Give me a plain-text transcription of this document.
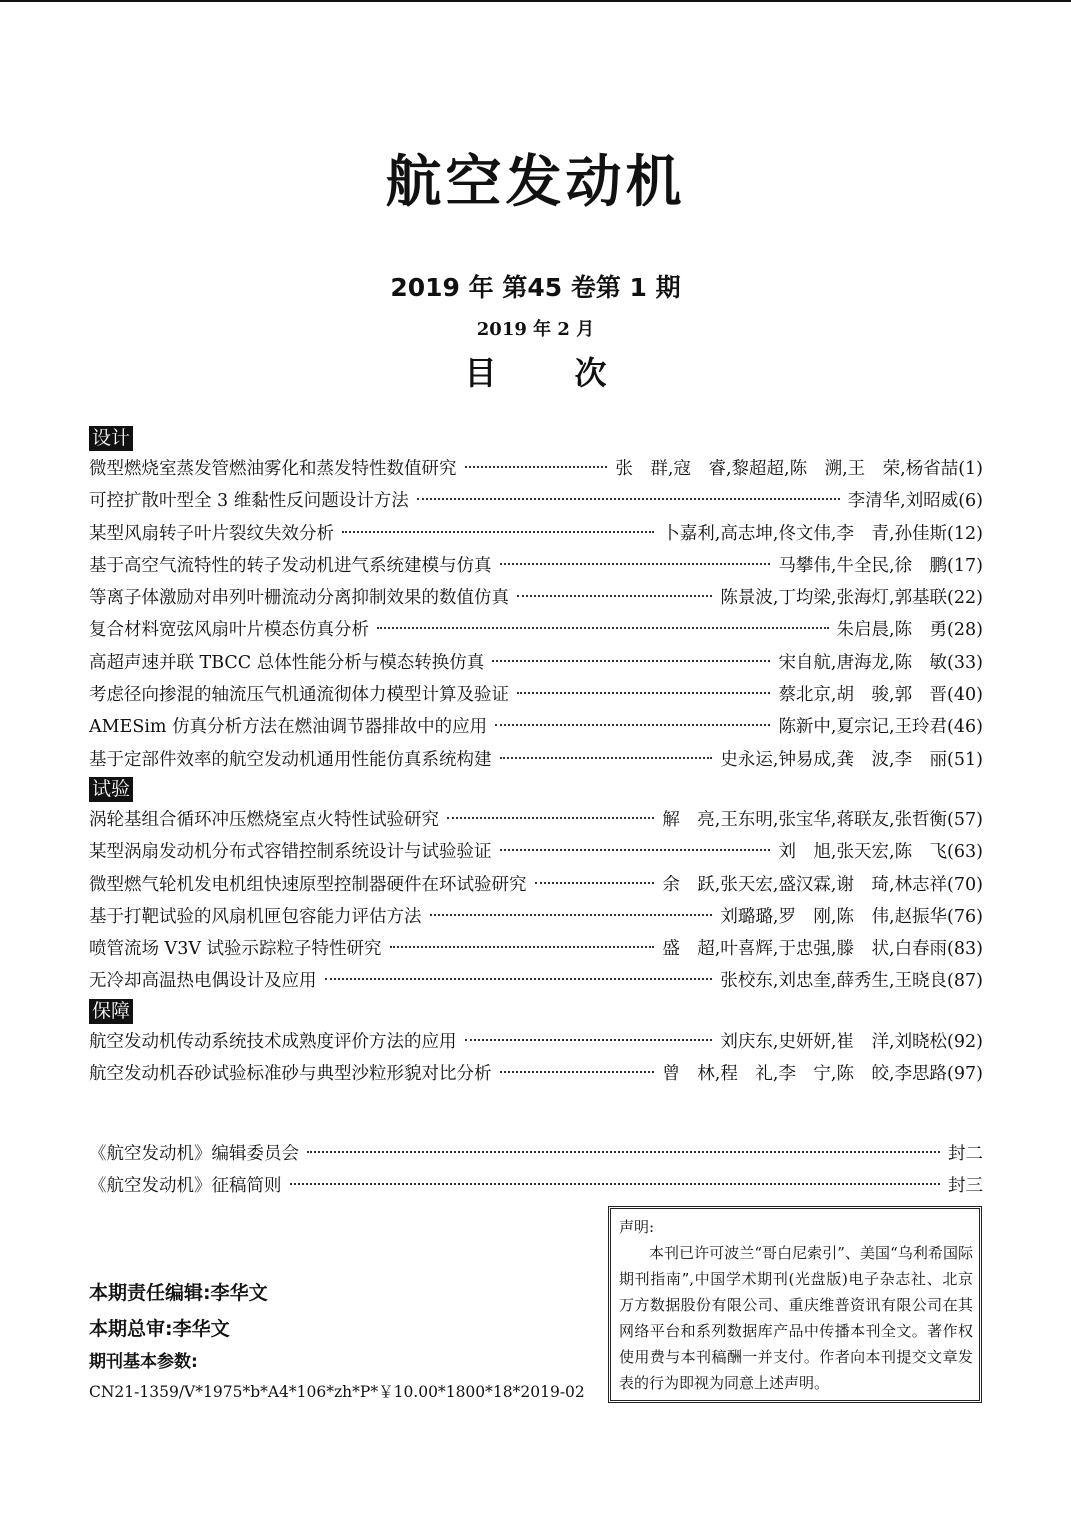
航空发动机
2019 年 第45 卷第 1 期
2019 年 2 月
目次
设计
微型燃烧室蒸发管燃油雾化和蒸发特性数值研究	张　群,寇　睿,黎超超,陈　溯,王　荣,杨省喆(1)
可控扩散叶型全 3 维黏性反问题设计方法	李清华,刘昭威(6)
某型风扇转子叶片裂纹失效分析	卜嘉利,高志坤,佟文伟,李　青,孙佳斯(12)
基于高空气流特性的转子发动机进气系统建模与仿真	马攀伟,牛全民,徐　鹏(17)
等离子体激励对串列叶栅流动分离抑制效果的数值仿真	陈景波,丁均梁,张海灯,郭基联(22)
复合材料宽弦风扇叶片模态仿真分析	朱启晨,陈　勇(28)
高超声速并联 TBCC 总体性能分析与模态转换仿真	宋自航,唐海龙,陈　敏(33)
考虑径向掺混的轴流压气机通流彻体力模型计算及验证	蔡北京,胡　骏,郭　晋(40)
AMESim 仿真分析方法在燃油调节器排故中的应用	陈新中,夏宗记,王玲君(46)
基于定部件效率的航空发动机通用性能仿真系统构建	史永运,钟易成,龚　波,李　丽(51)
试验
涡轮基组合循环冲压燃烧室点火特性试验研究	解　亮,王东明,张宝华,蒋联友,张哲衡(57)
某型涡扇发动机分布式容错控制系统设计与试验验证	刘　旭,张天宏,陈　飞(63)
微型燃气轮机发电机组快速原型控制器硬件在环试验研究	余　跃,张天宏,盛汉霖,谢　琦,林志祥(70)
基于打靶试验的风扇机匣包容能力评估方法	刘璐璐,罗　刚,陈　伟,赵振华(76)
喷管流场 V3V 试验示踪粒子特性研究	盛　超,叶喜辉,于忠强,滕　状,白春雨(83)
无冷却高温热电偶设计及应用	张校东,刘忠奎,薛秀生,王晓良(87)
保障
航空发动机传动系统技术成熟度评价方法的应用	刘庆东,史妍妍,崔　洋,刘晓松(92)
航空发动机吞砂试验标准砂与典型沙粒形貌对比分析	曾　林,程　礼,李　宁,陈　皎,李思路(97)
《航空发动机》编辑委员会	封二
《航空发动机》征稿简则	封三
本期责任编辑:李华文
本期总审:李华文
期刊基本参数:
CN21-1359/V*1975*b*A4*106*zh*P*￥10.00*1800*18*2019-02
声明:
本刊已许可波兰“哥白尼索引”、美国“乌利希国际期刊指南”,中国学术期刊(光盘版)电子杂志社、北京万方数据股份有限公司、重庆维普资讯有限公司在其网络平台和系列数据库产品中传播本刊全文。著作权使用费与本刊稿酬一并支付。作者向本刊提交文章发表的行为即视为同意上述声明。
